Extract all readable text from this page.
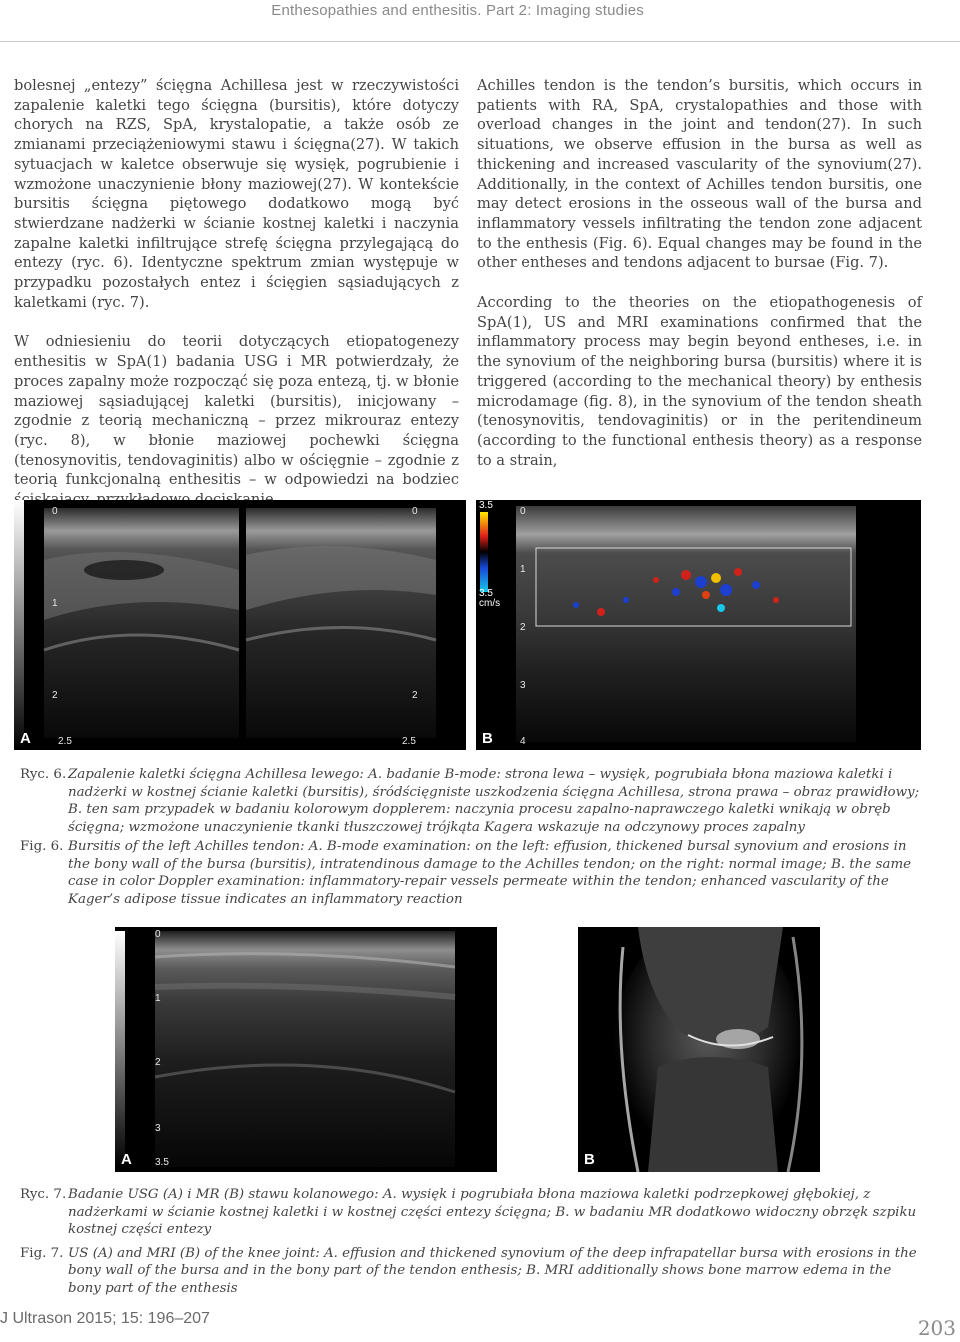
Enthesopathies and enthesitis. Part 2: Imaging studies

bolesnej „entezy” ścięgna Achillesa jest w rzeczywistości zapalenie kaletki tego ścięgna (bursitis), które dotyczy chorych na RZS, SpA, krystalopatie, a także osób ze zmianami przeciążeniowymi stawu i ścięgna(27). W takich sytuacjach w kaletce obserwuje się wysięk, pogrubienie i wzmożone unaczynienie błony maziowej(27). W kontekście bursitis ścięgna piętowego dodatkowo mogą być stwierdzane nadżerki w ścianie kostnej kaletki i naczynia zapalne kaletki infiltrujące strefę ścięgna przylegającą do entezy (ryc. 6). Identyczne spektrum zmian występuje w przypadku pozostałych entez i ścięgien sąsiadujących z kaletkami (ryc. 7).

W odniesieniu do teorii dotyczących etiopatogenezy enthesitis w SpA(1) badania USG i MR potwierdzały, że proces zapalny może rozpocząć się poza entezą, tj. w błonie maziowej sąsiadującej kaletki (bursitis), inicjowany – zgodnie z teorią mechaniczną – przez mikrouraz entezy (ryc. 8), w błonie maziowej pochewki ścięgna (tenosynovitis, tendovaginitis) albo w ościęgnie – zgodnie z teorią funkcjonalną enthesitis – w odpowiedzi na bodziec

Achilles tendon is the tendon’s bursitis, which occurs in patients with RA, SpA, crystalopathies and those with overload changes in the joint and tendon(27). In such situations, we observe effusion in the bursa as well as thickening and increased vascularity of the synovium(27). Additionally, in the context of Achilles tendon bursitis, one may detect erosions in the osseous wall of the bursa and inflammatory vessels infiltrating the tendon zone adjacent to the enthesis (Fig. 6). Equal changes may be found in the other entheses and tendons adjacent to bursae (Fig. 7).

According to the theories on the etiopathogenesis of SpA(1), US and MRI examinations confirmed that the inflammatory process may begin beyond entheses, i.e. in the synovium of the neighboring bursa (bursitis) where it is triggered (according to the mechanical theory) by enthesis microdamage (fig. 8), in the synovium of the tendon sheath (tenosynovitis, tendovaginitis) or in the peritendineum (according to the functional enthesis theory) as a response to a strain,

0	0
1
2	2
2.5	2.5
A
3.5
3.5
cm/s
0
1
2
3
4
B
Ryc. 6. Zapalenie kaletki ścięgna Achillesa lewego: A. badanie B-mode: strona lewa – wysięk, pogrubiała błona maziowa kaletki i nadżerki w kostnej ścianie kaletki (bursitis), śródścięgniste uszkodzenia ścięgna Achillesa, strona prawa – obraz prawidłowy; B. ten sam przypadek w badaniu kolorowym dopplerem: naczynia procesu zapalno-naprawczego kaletki wnikają w obręb ścięgna; wzmożone unaczynienie tkanki tłuszczowej trójkąta Kagera wskazuje na odczynowy proces zapalny
Fig. 6. Bursitis of the left Achilles tendon: A. B-mode examination: on the left: effusion, thickened bursal synovium and erosions in the bony wall of the bursa (bursitis), intratendinous damage to the Achilles tendon; on the right: normal image; B. the same case in color Doppler examination: inflammatory-repair vessels permeate within the tendon; enhanced vascularity of the Kager’s adipose tissue indicates an inflammatory reaction
0
1
2
3
3.5
A	B
Ryc. 7. Badanie USG (A) i MR (B) stawu kolanowego: A. wysięk i pogrubiała błona maziowa kaletki podrzepkowej głębokiej, z nadżerkami w ścianie kostnej kaletki i w kostnej części entezy ścięgna; B. w badaniu MR dodatkowo widoczny obrzęk szpiku kostnej części entezy
Fig. 7. US (A) and MRI (B) of the knee joint: A. effusion and thickened synovium of the deep infrapatellar bursa with erosions in the bony wall of the bursa and in the bony part of the tendon enthesis; B. MRI additionally shows bone marrow edema in the bony part of the enthesis
J Ultrason 2015; 15: 196–207	203
